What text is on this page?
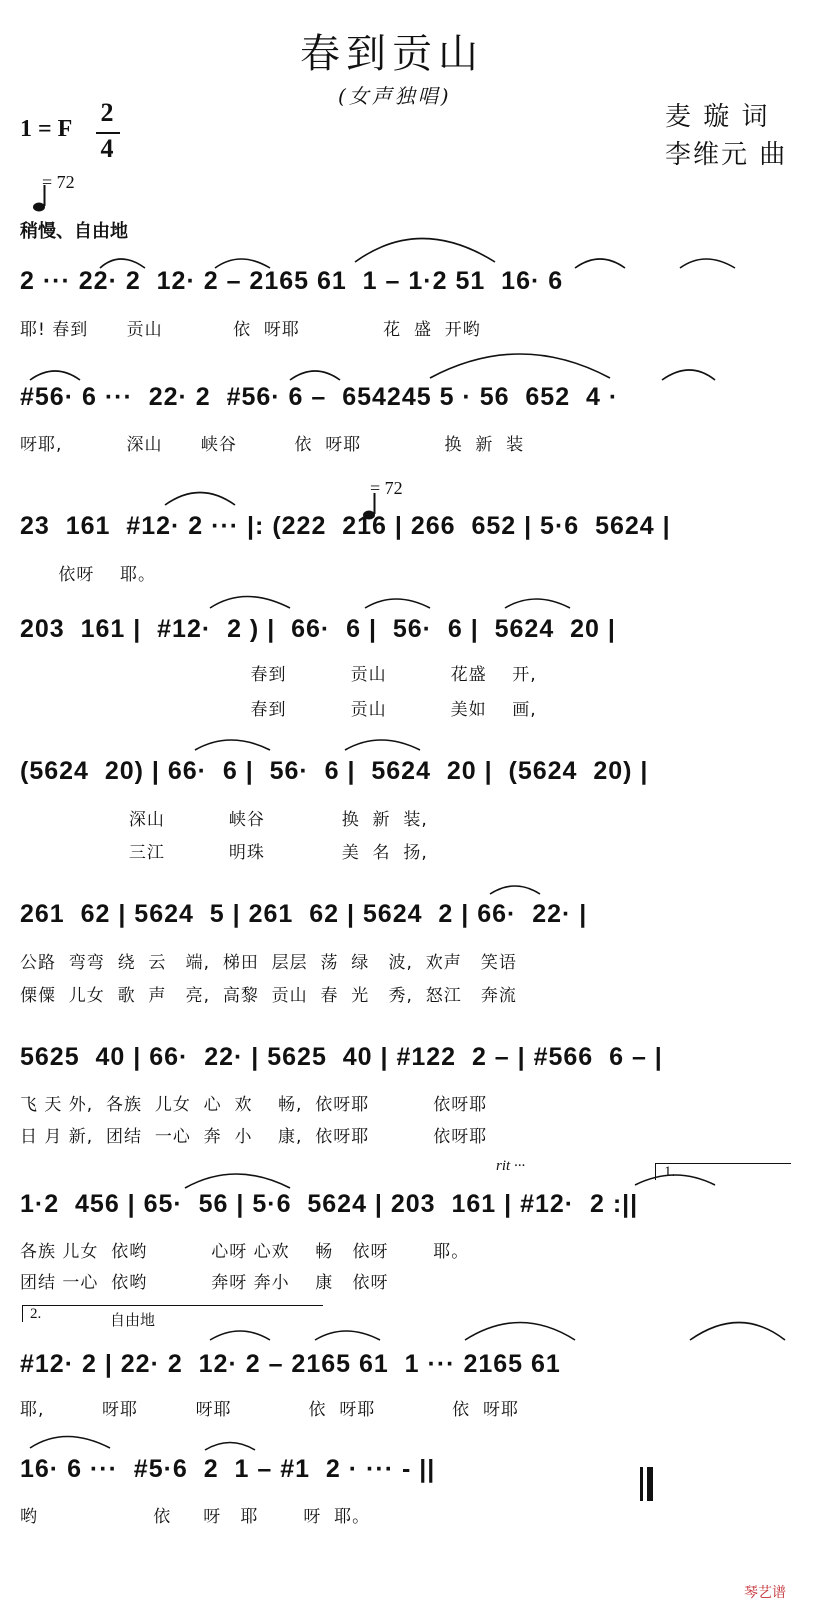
春到贡山
(女声独唱)
麦 璇 词
李维元 曲
1 = F
2
4

= 72
稍慢、自由地
2 ··· 22· 2  12· 2 – 2165 61  1 – 1·2 51  16· 6
耶! 春到      贡山           依  呀耶             花  盛  开哟
#56· 6 ···  22· 2  #56· 6 –  654245 5 · 56  652  4 ·
呀耶,          深山      峡谷         依  呀耶             换  新  装

= 72
23  161  #12· 2 ··· |: (222  216 | 266  652 | 5·6  5624 |
依呀    耶。
203  161 |  #12·  2 ) |  66·  6 |  56·  6 |  5624  20 |
春到          贡山          花盛    开,
春到          贡山          美如    画,
(5624  20) | 66·  6 |  56·  6 |  5624  20 |  (5624  20) |
深山          峡谷            换  新  装,
三江          明珠            美  名  扬,
261  62 | 5624  5 | 261  62 | 5624  2 | 66·  22· |
公路  弯弯  绕  云   端,  梯田  层层  荡  绿   波,  欢声   笑语
傈僳  儿女  歌  声   亮,  高黎  贡山  春  光   秀,  怒江   奔流
5625  40 | 66·  22· | 5625  40 | #122  2 – | #566  6 – |
飞 天 外,  各族  儿女  心  欢    畅,  依呀耶          依呀耶
日 月 新,  团结  一心  奔  小    康,  依呀耶          依呀耶
rit ···	1.
1·2  456 | 65·  56 | 5·6  5624 | 203  161 | #12·  2 :||
各族 儿女  依哟          心呀 心欢    畅   依呀       耶。
团结 一心  依哟          奔呀 奔小    康   依呀
2.	自由地
#12· 2 | 22· 2  12· 2 – 2165 61  1 ··· 2165 61
耶,         呀耶         呀耶            依  呀耶            依  呀耶
16· 6 ···  #5·6  2  1 – #1  2 · ··· - ||
哟                  依     呀   耶       呀  耶。
琴艺谱
